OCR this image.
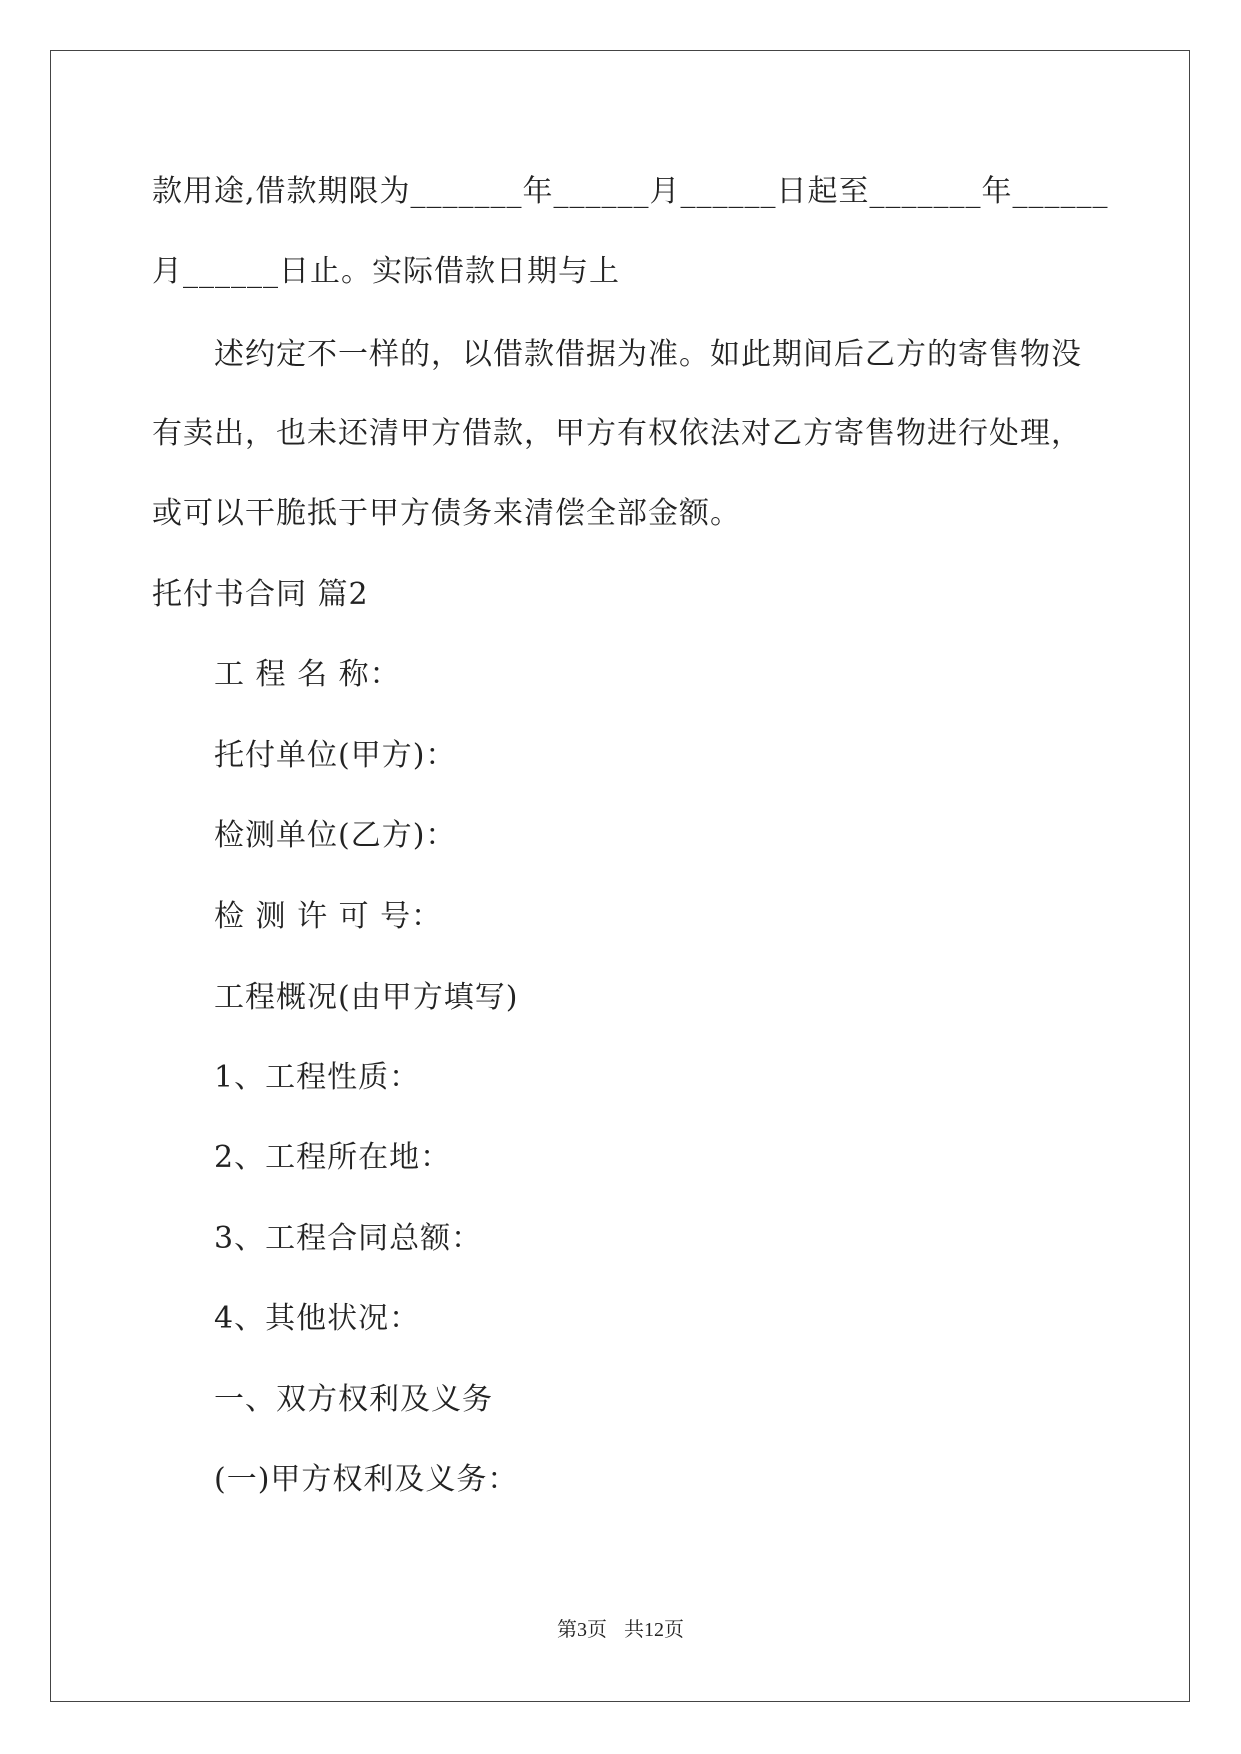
款用途,借款期限为_______年______月______日起至_______年______
月______日止。实际借款日期与上
述约定不一样的，以借款借据为准。如此期间后乙方的寄售物没
有卖出，也未还清甲方借款，甲方有权依法对乙方寄售物进行处理，
或可以干脆抵于甲方债务来清偿全部金额。
托付书合同 篇2
工 程 名 称：
托付单位(甲方)：
检测单位(乙方)：
检 测 许 可 号：
工程概况(由甲方填写)
1、工程性质：
2、工程所在地：
3、工程合同总额：
4、其他状况：
一、双方权利及义务
(一)甲方权利及义务：
第3页 共12页
